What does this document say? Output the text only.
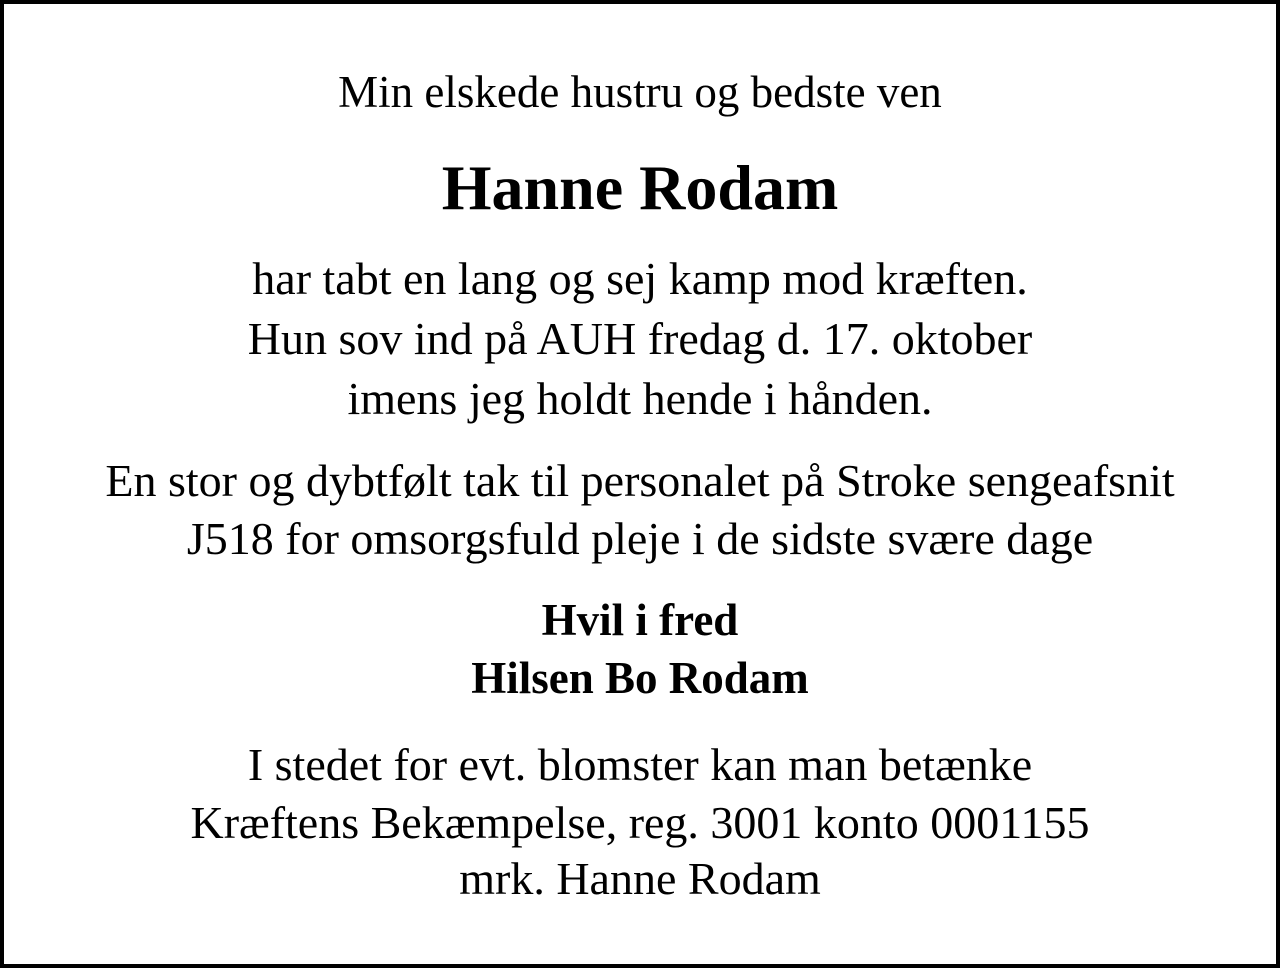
Min elskede hustru og bedste ven
Hanne Rodam
har tabt en lang og sej kamp mod kræften.
Hun sov ind på AUH fredag d. 17. oktober
imens jeg holdt hende i hånden.
En stor og dybtfølt tak til personalet på Stroke sengeafsnit
J518 for omsorgsfuld pleje i de sidste svære dage
Hvil i fred
Hilsen Bo Rodam
I stedet for evt. blomster kan man betænke
Kræftens Bekæmpelse, reg. 3001 konto 0001155
mrk. Hanne Rodam
